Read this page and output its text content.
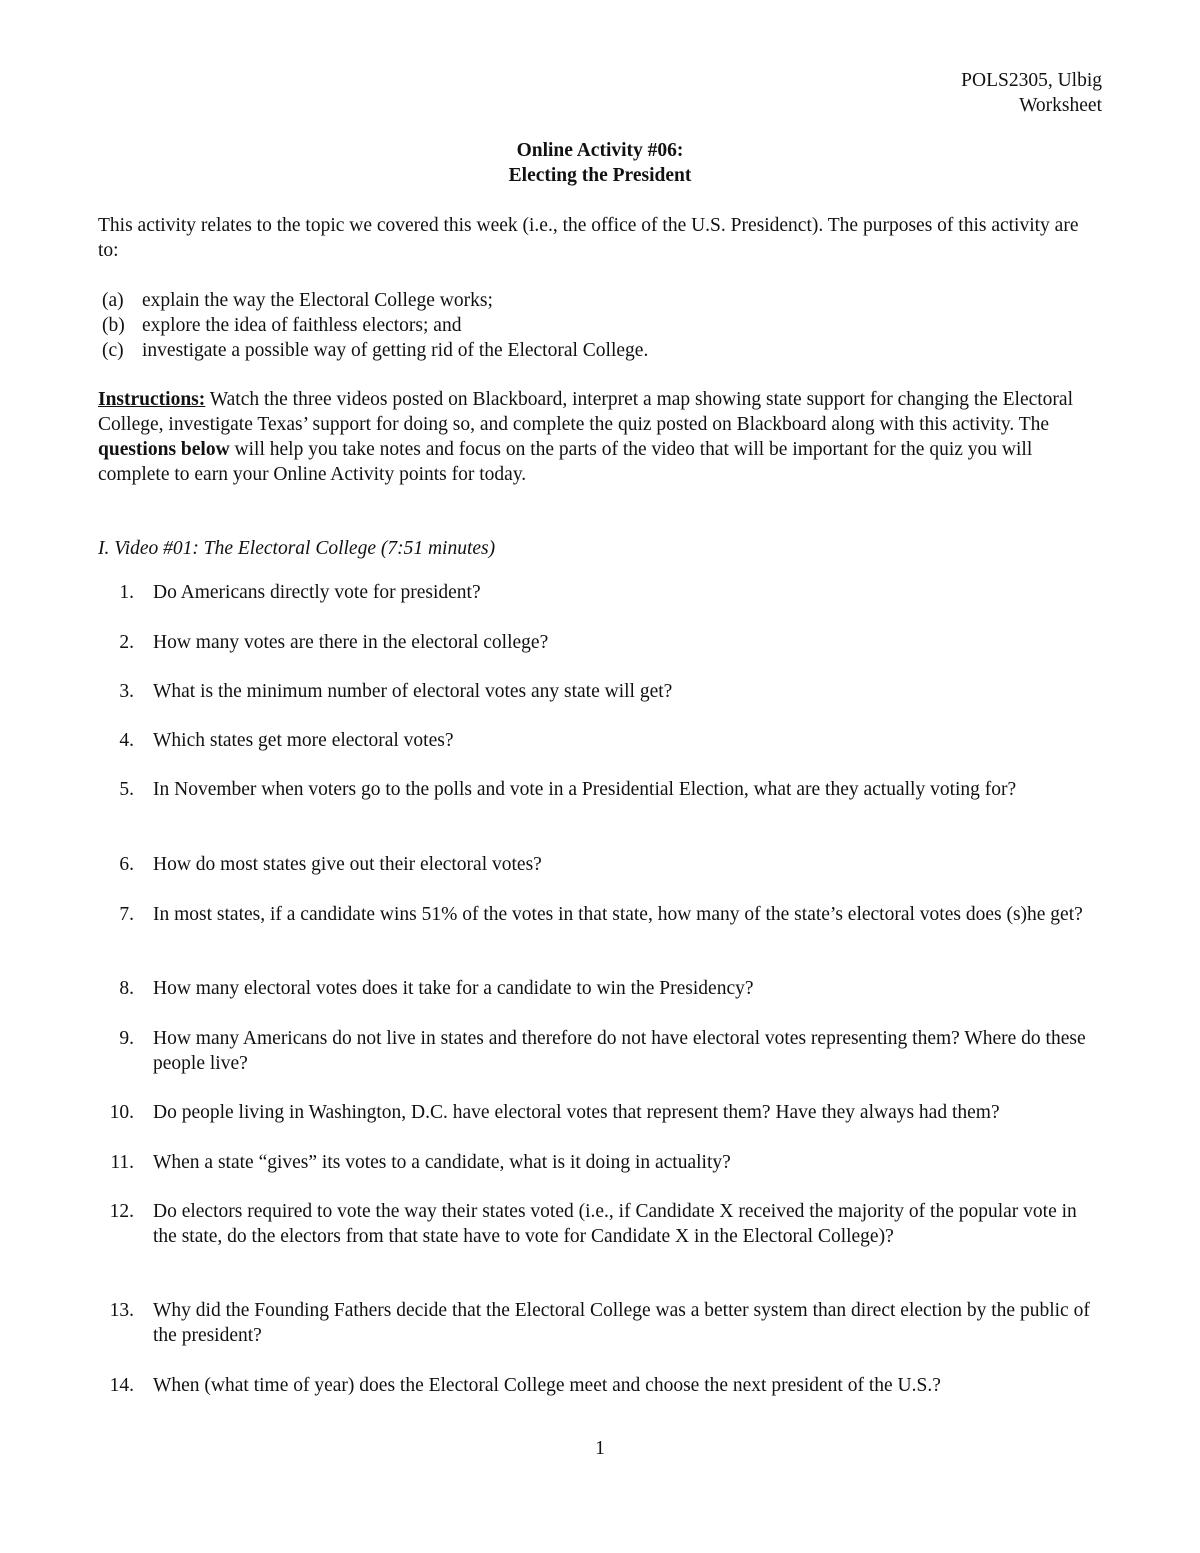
POLS2305, Ulbig
Worksheet
Online Activity #06:
Electing the President

This activity relates to the topic we covered this week (i.e., the office of the U.S. Presidenct). The purposes of this activity are to:

(a) explain the way the Electoral College works;
(b) explore the idea of faithless electors; and
(c) investigate a possible way of getting rid of the Electoral College.

Instructions: Watch the three videos posted on Blackboard, interpret a map showing state support for changing the Electoral College, investigate Texas’ support for doing so, and complete the quiz posted on Blackboard along with this activity. The questions below will help you take notes and focus on the parts of the video that will be important for the quiz you will complete to earn your Online Activity points for today.

I. Video #01: The Electoral College (7:51 minutes)

1. Do Americans directly vote for president?
2. How many votes are there in the electoral college?
3. What is the minimum number of electoral votes any state will get?
4. Which states get more electoral votes?
5. In November when voters go to the polls and vote in a Presidential Election, what are they actually voting for?
6. How do most states give out their electoral votes?
7. In most states, if a candidate wins 51% of the votes in that state, how many of the state’s electoral votes does (s)he get?
8. How many electoral votes does it take for a candidate to win the Presidency?
9. How many Americans do not live in states and therefore do not have electoral votes representing them? Where do these people live?
10. Do people living in Washington, D.C. have electoral votes that represent them? Have they always had them?
11. When a state “gives” its votes to a candidate, what is it doing in actuality?
12. Do electors required to vote the way their states voted (i.e., if Candidate X received the majority of the popular vote in the state, do the electors from that state have to vote for Candidate X in the Electoral College)?
13. Why did the Founding Fathers decide that the Electoral College was a better system than direct election by the public of the president?
14. When (what time of year) does the Electoral College meet and choose the next president of the U.S.?
1
